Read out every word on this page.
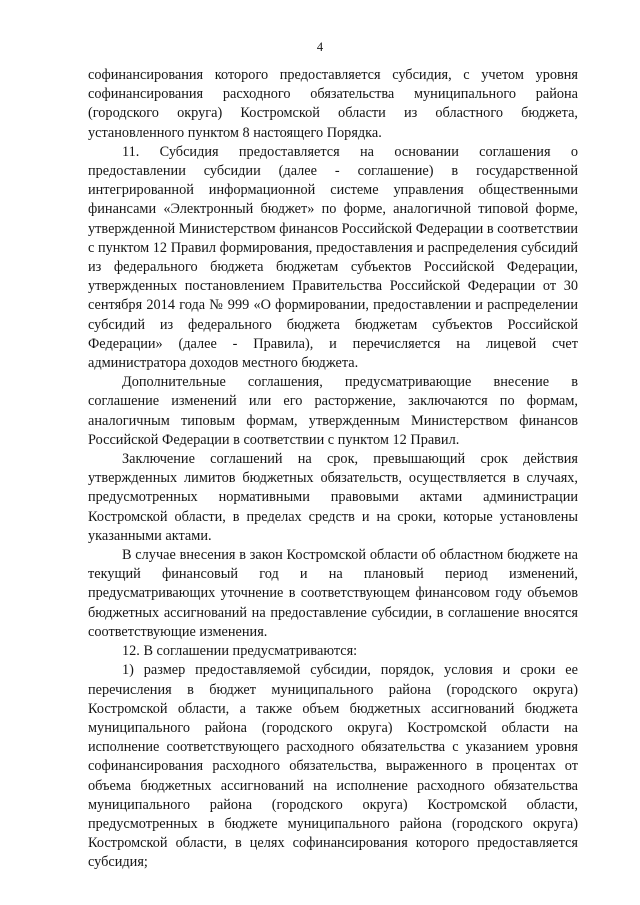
4

софинансирования которого предоставляется субсидия, с учетом уровня софинансирования расходного обязательства муниципального района (городского округа) Костромской области из областного бюджета, установленного пунктом 8 настоящего Порядка.

11. Субсидия предоставляется на основании соглашения о предоставлении субсидии (далее - соглашение) в государственной интегрированной информационной системе управления общественными финансами «Электронный бюджет» по форме, аналогичной типовой форме, утвержденной Министерством финансов Российской Федерации в соответствии с пунктом 12 Правил формирования, предоставления и распределения субсидий из федерального бюджета бюджетам субъектов Российской Федерации, утвержденных постановлением Правительства Российской Федерации от 30 сентября 2014 года № 999 «О формировании, предоставлении и распределении субсидий из федерального бюджета бюджетам субъектов Российской Федерации» (далее - Правила), и перечисляется на лицевой счет администратора доходов местного бюджета.

Дополнительные соглашения, предусматривающие внесение в соглашение изменений или его расторжение, заключаются по формам, аналогичным типовым формам, утвержденным Министерством финансов Российской Федерации в соответствии с пунктом 12 Правил.

Заключение соглашений на срок, превышающий срок действия утвержденных лимитов бюджетных обязательств, осуществляется в случаях, предусмотренных нормативными правовыми актами администрации Костромской области, в пределах средств и на сроки, которые установлены указанными актами.

В случае внесения в закон Костромской области об областном бюджете на текущий финансовый год и на плановый период изменений, предусматривающих уточнение в соответствующем финансовом году объемов бюджетных ассигнований на предоставление субсидии, в соглашение вносятся соответствующие изменения.

12. В соглашении предусматриваются:

1) размер предоставляемой субсидии, порядок, условия и сроки ее перечисления в бюджет муниципального района (городского округа) Костромской области, а также объем бюджетных ассигнований бюджета муниципального района (городского округа) Костромской области на исполнение соответствующего расходного обязательства с указанием уровня софинансирования расходного обязательства, выраженного в процентах от объема бюджетных ассигнований на исполнение расходного обязательства муниципального района (городского округа) Костромской области, предусмотренных в бюджете муниципального района (городского округа) Костромской области, в целях софинансирования которого предоставляется субсидия;
